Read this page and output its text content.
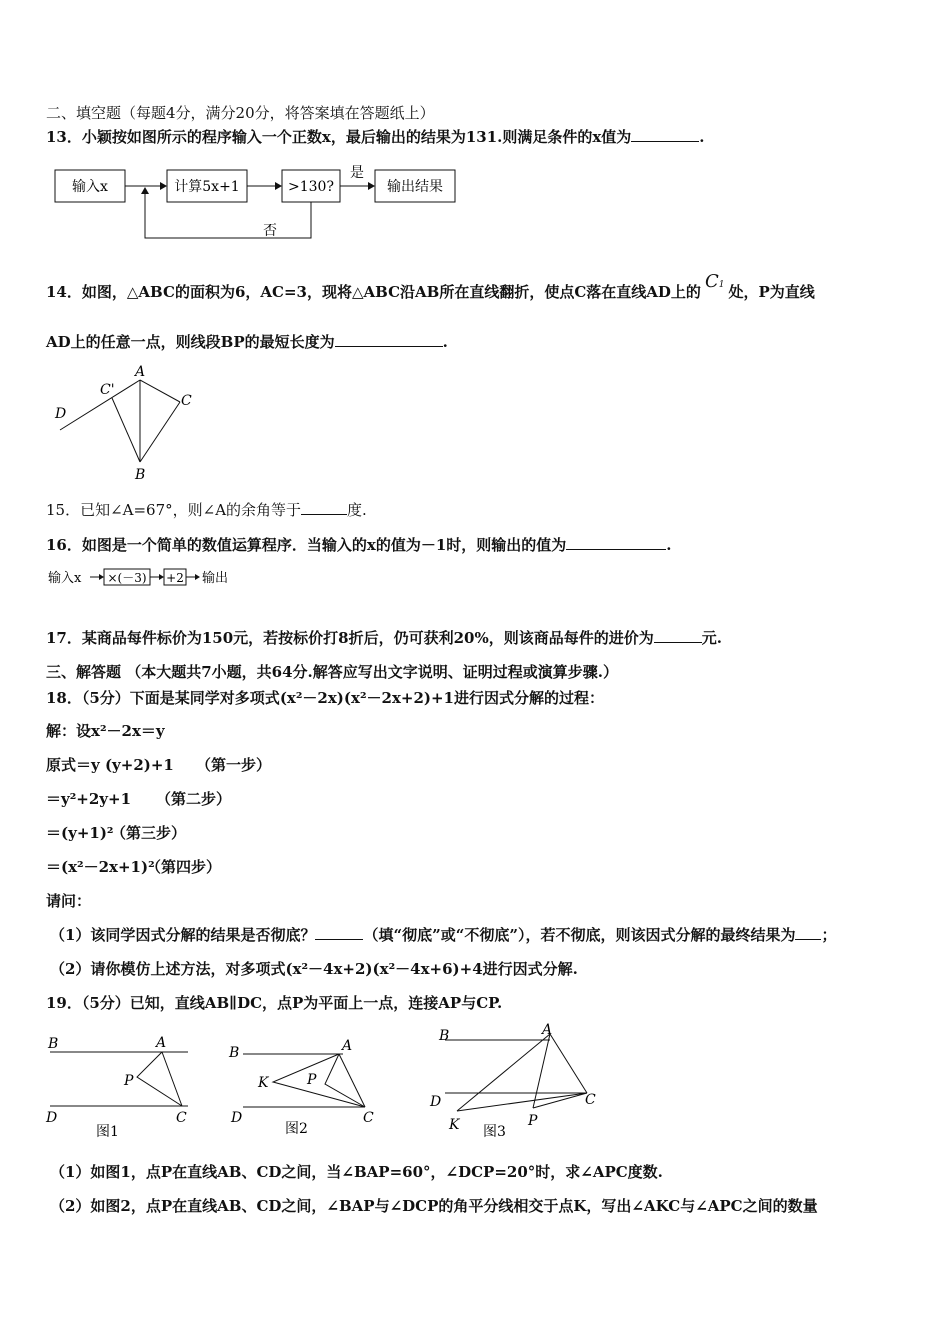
二、填空题（每题4分，满分20分，将答案填在答题纸上）
13．小颖按如图所示的程序输入一个正数x，最后输出的结果为131.则满足条件的x值为	.
输入x	计算5x+1	>130?
是
输出结果
否
14．如图，△ABC的面积为6，AC=3，现将△ABC沿AB所在直线翻折，使点C落在直线AD上的 C1 处，P为直线
AD上的任意一点，则线段BP的最短长度为	.
D
C'
A
C
B
15．已知∠A=67°，则∠A的余角等于	度.
16．如图是一个简单的数值运算程序．当输入的x的值为－1时，则输出的值为	.
输入x ×(－3) +2 输出
17．某商品每件标价为150元，若按标价打8折后，仍可获利20%，则该商品每件的进价为	元.
三、解答题 （本大题共7小题，共64分.解答应写出文字说明、证明过程或演算步骤.）
18．（5分）下面是某同学对多项式(x²－2x)(x²－2x+2)+1进行因式分解的过程：
解：设x²－2x＝y
原式＝y (y+2)+1 （第一步）
＝y²+2y+1 （第二步）
＝(y+1)²（第三步）
＝(x²－2x+1)²（第四步）
请问：
（1）该同学因式分解的结果是否彻底？	（填“彻底”或“不彻底”），若不彻底，则该因式分解的最终结果为 ；
（2）请你模仿上述方法，对多项式(x²－4x+2)(x²－4x+6)+4进行因式分解.
19．（5分）已知，直线AB∥DC，点P为平面上一点，连接AP与CP.
B	A
P
D	C
图1
B	A
K	P
D	C
图2
B	A
D	C
K	P
图3
（1）如图1，点P在直线AB、CD之间，当∠BAP=60°，∠DCP=20°时，求∠APC度数.
（2）如图2，点P在直线AB、CD之间，∠BAP与∠DCP的角平分线相交于点K，写出∠AKC与∠APC之间的数量
